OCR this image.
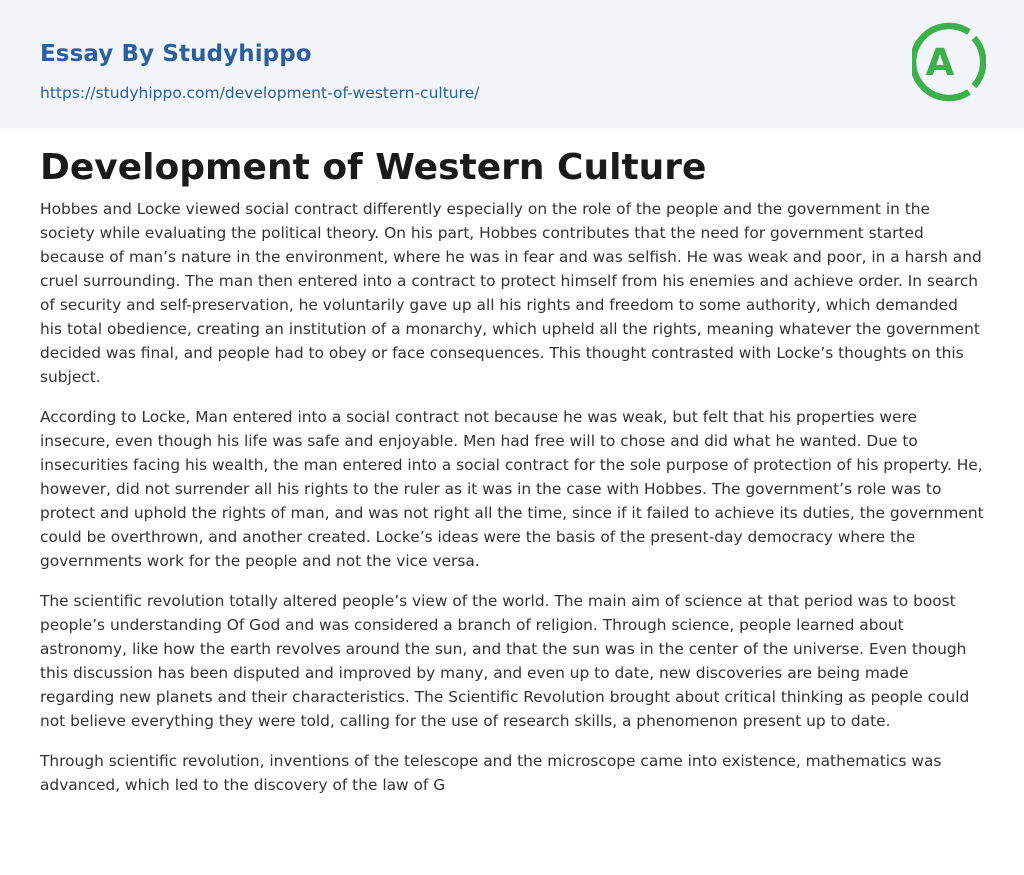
Essay By Studyhippo
https://studyhippo.com/development-of-western-culture/
A
Development of Western Culture

Hobbes and Locke viewed social contract differently especially on the role of the people and the government in the society while evaluating the political theory. On his part, Hobbes contributes that the need for government started because of man’s nature in the environment, where he was in fear and was selfish. He was weak and poor, in a harsh and cruel surrounding. The man then entered into a contract to protect himself from his enemies and achieve order. In search of security and self-preservation, he voluntarily gave up all his rights and freedom to some authority, which demanded his total obedience, creating an institution of a monarchy, which upheld all the rights, meaning whatever the government decided was final, and people had to obey or face consequences. This thought contrasted with Locke’s thoughts on this subject.

According to Locke, Man entered into a social contract not because he was weak, but felt that his properties were insecure, even though his life was safe and enjoyable. Men had free will to chose and did what he wanted. Due to insecurities facing his wealth, the man entered into a social contract for the sole purpose of protection of his property. He, however, did not surrender all his rights to the ruler as it was in the case with Hobbes. The government’s role was to protect and uphold the rights of man, and was not right all the time, since if it failed to achieve its duties, the government could be overthrown, and another created. Locke’s ideas were the basis of the present-day democracy where the governments work for the people and not the vice versa.

The scientific revolution totally altered people’s view of the world. The main aim of science at that period was to boost people’s understanding Of God and was considered a branch of religion. Through science, people learned about astronomy, like how the earth revolves around the sun, and that the sun was in the center of the universe. Even though this discussion has been disputed and improved by many, and even up to date, new discoveries are being made regarding new planets and their characteristics. The Scientific Revolution brought about critical thinking as people could not believe everything they were told, calling for the use of research skills, a phenomenon present up to date.

Through scientific revolution, inventions of the telescope and the microscope came into existence, mathematics was advanced, which led to the discovery of the law of G
